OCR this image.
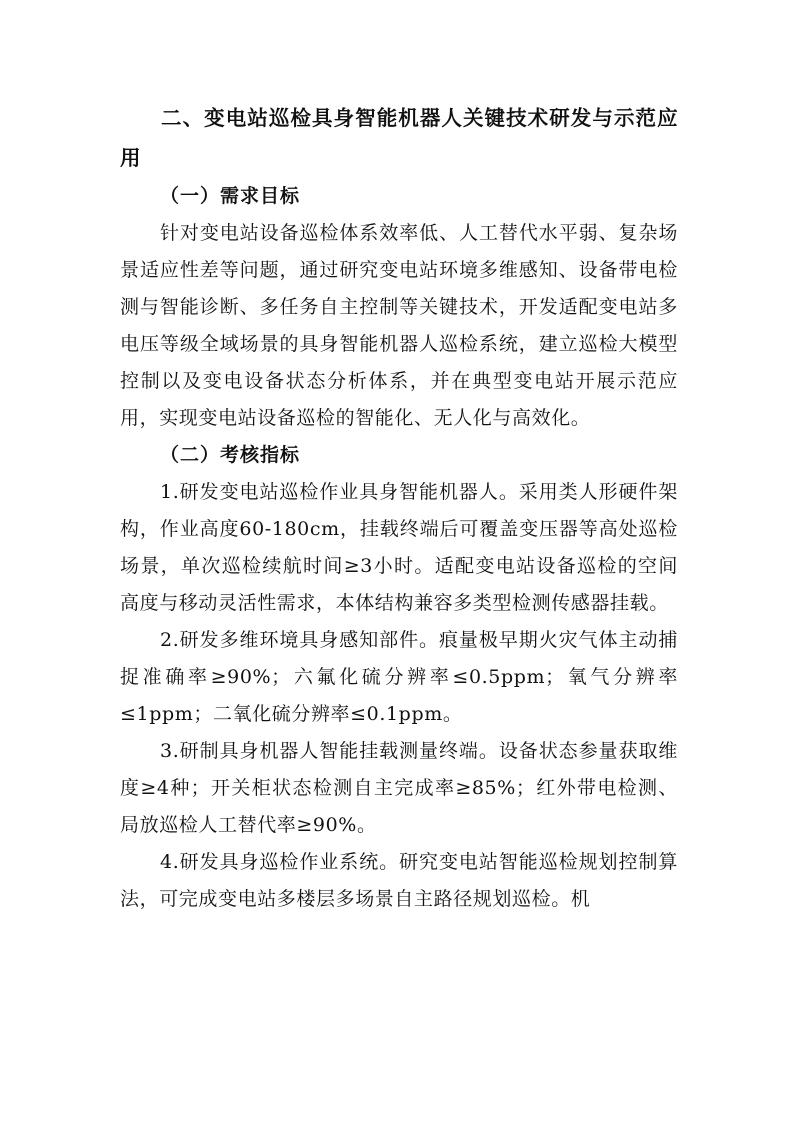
二、变电站巡检具身智能机器人关键技术研发与示范应用

（一）需求目标

针对变电站设备巡检体系效率低、人工替代水平弱、复杂场景适应性差等问题，通过研究变电站环境多维感知、设备带电检测与智能诊断、多任务自主控制等关键技术，开发适配变电站多电压等级全域场景的具身智能机器人巡检系统，建立巡检大模型控制以及变电设备状态分析体系，并在典型变电站开展示范应用，实现变电站设备巡检的智能化、无人化与高效化。

（二）考核指标

1.研发变电站巡检作业具身智能机器人。采用类人形硬件架构，作业高度60-180cm，挂载终端后可覆盖变压器等高处巡检场景，单次巡检续航时间≥3小时。适配变电站设备巡检的空间高度与移动灵活性需求，本体结构兼容多类型检测传感器挂载。

2.研发多维环境具身感知部件。痕量极早期火灾气体主动捕捉准确率≥90%；六氟化硫分辨率≤0.5ppm；氧气分辨率≤1ppm；二氧化硫分辨率≤0.1ppm。

3.研制具身机器人智能挂载测量终端。设备状态参量获取维度≥4种；开关柜状态检测自主完成率≥85%；红外带电检测、局放巡检人工替代率≥90%。

4.研发具身巡检作业系统。研究变电站智能巡检规划控制算法，可完成变电站多楼层多场景自主路径规划巡检。机
